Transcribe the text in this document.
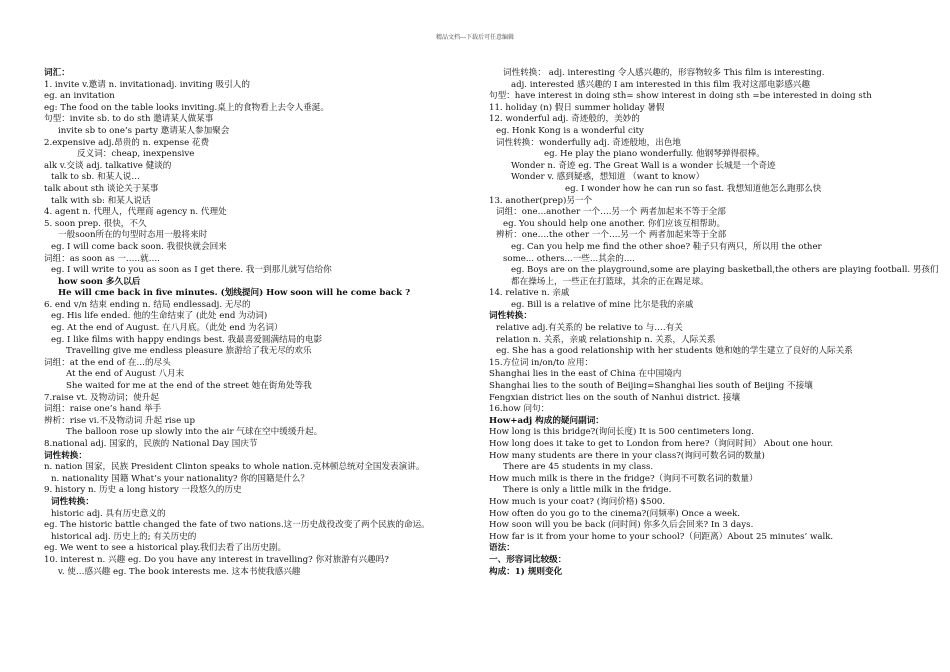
精品文档---下载后可任意编辑
词汇：
1. invite v.邀请 n. invitationadj. inviting 吸引人的
eg. an invitation
eg: The food on the table looks inviting.桌上的食物看上去令人垂涎。
句型：invite sb. to do sth 邀请某人做某事
invite sb to one’s party 邀请某人参加聚会
2.expensive adj.昂贵的 n. expense 花费
反义词：cheap, inexpensive
alk v.交谈 adj. talkative 健谈的
talk to sb. 和某人说…
talk about sth 谈论关于某事
talk with sb: 和某人说话
4. agent n. 代理人，代理商 agency n. 代理处
5. soon prep. 很快，不久
一般soon所在的句型时态用一般将来时
eg. I will come back soon. 我很快就会回来
词组：as soon as 一…..就….
eg. I will write to you as soon as I get there. 我一到那儿就写信给你
how soon 多久以后
He will cme back in five minutes. (划线提问) How soon will he come back ?
6. end v/n 结束 ending n. 结局 endlessadj. 无尽的
eg. His life ended. 他的生命结束了 (此处 end 为动词)
eg. At the end of August. 在八月底。（此处 end 为名词）
eg. I like films with happy endings best. 我最喜爱圆满结局的电影
Travelling give me endless pleasure 旅游给了我无尽的欢乐
词组：at the end of 在…的尽头
At the end of August 八月末
She waited for me at the end of the street 她在街角处等我
7.raise vt. 及物动词；使升起
词组：raise one’s hand 举手
辨析：rise vi.不及物动词 升起 rise up
The balloon rose up slowly into the air 气球在空中缓缓升起。
8.national adj. 国家的，民族的 National Day 国庆节
词性转换：
n. nation 国家，民族 President Clinton speaks to whole nation.克林顿总统对全国发表演讲。
n. nationality 国籍 What’s your nationality? 你的国籍是什么？
9. history n. 历史 a long history 一段悠久的历史
词性转换：
historic adj. 具有历史意义的
eg. The historic battle changed the fate of two nations.这一历史战役改变了两个民族的命运。
historical adj. 历史上的; 有关历史的
eg. We went to see a historical play.我们去看了出历史剧。
10. interest n. 兴趣 eg. Do you have any interest in travelling? 你对旅游有兴趣吗?
v. 使…感兴趣 eg. The book interests me. 这本书使我感兴趣
词性转换： adj. interesting 令人感兴趣的，形容物较多 This film is interesting.
adj. interested 感兴趣的 I am interested in this film 我对这部电影感兴趣
句型：have interest in doing sth= show interest in doing sth =be interested in doing sth
11. holiday (n) 假日 summer holiday 暑假
12. wonderful adj. 奇迹般的，美妙的
eg. Honk Kong is a wonderful city
词性转换：wonderfully adj. 奇迹般地，出色地
eg. He play the piano wonderfully. 他钢琴弹得很棒。
Wonder n. 奇迹 eg. The Great Wall is a wonder 长城是一个奇迹
Wonder v. 感到疑惑，想知道 （want to know）
eg. I wonder how he can run so fast. 我想知道他怎么跑那么快
13. another(prep)另一个
词组：one…another 一个….另一个 两者加起来不等于全部
eg. You should help one another. 你们应该互相帮助。
辨析：one….the other 一个….另一个 两者加起来等于全部
eg. Can you help me find the other shoe? 鞋子只有两只，所以用 the other
some... others...一些...其余的....
eg. Boys are on the playground,some are playing basketball,the others are playing football. 男孩们
都在操场上，一些正在打篮球，其余的正在踢足球。
14. relative n. 亲戚
eg. Bill is a relative of mine 比尔是我的亲戚
词性转换：
relative adj.有关系的 be relative to 与….有关
relation n. 关系，亲戚 relationship n. 关系，人际关系
eg. She has a good relationship with her students 她和她的学生建立了良好的人际关系
15.方位词 in/on/to 应用：
Shanghai lies in the east of China 在中国境内
Shanghai lies to the south of Beijing=Shanghai lies south of Beijing 不接壤
Fengxian district lies on the south of Nanhui district. 接壤
16.how 问句：
How+adj 构成的疑问副词：
How long is this bridge?(询问长度) It is 500 centimeters long.
How long does it take to get to London from here?（询问时间） About one hour.
How many students are there in your class?(询问可数名词的数量)
There are 45 students in my class.
How much milk is there in the fridge?（询问不可数名词的数量）
There is only a little milk in the fridge.
How much is your coat? (询问价格) $500.
How often do you go to the cinema?(问频率) Once a week.
How soon will you be back (问时间) 你多久后会回来? In 3 days.
How far is it from your home to your school?（问距离）About 25 minutes’ walk.
语法：
一、形容词比较级：
构成：1) 规则变化
